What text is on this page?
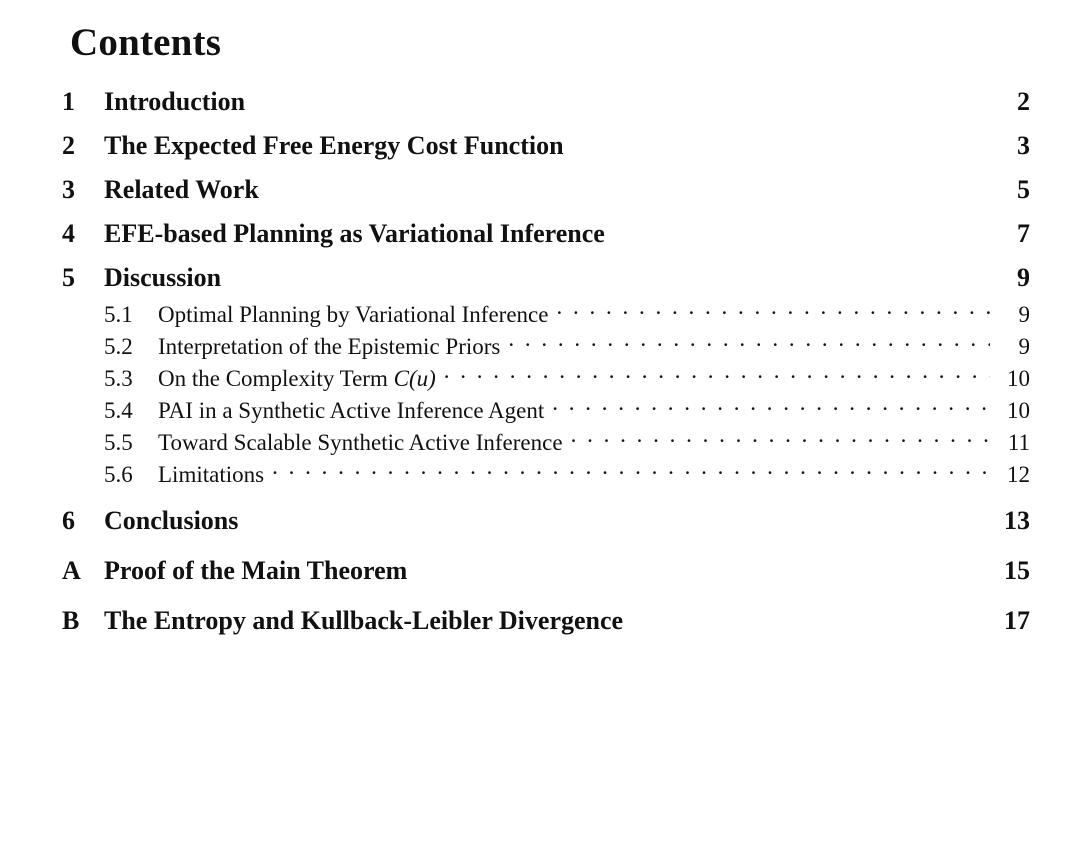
Contents
1	Introduction	2
2	The Expected Free Energy Cost Function	3
3	Related Work	5
4	EFE-based Planning as Variational Inference	7
5	Discussion	9
5.1	Optimal Planning by Variational Inference . . .	9
5.2	Interpretation of the Epistemic Priors . . .	9
5.3	On the Complexity Term C(u) . . .	10
5.4	PAI in a Synthetic Active Inference Agent . . .	10
5.5	Toward Scalable Synthetic Active Inference . . .	11
5.6	Limitations . . .	12
6	Conclusions	13
A Proof of the Main Theorem	15
B The Entropy and Kullback-Leibler Divergence	17
